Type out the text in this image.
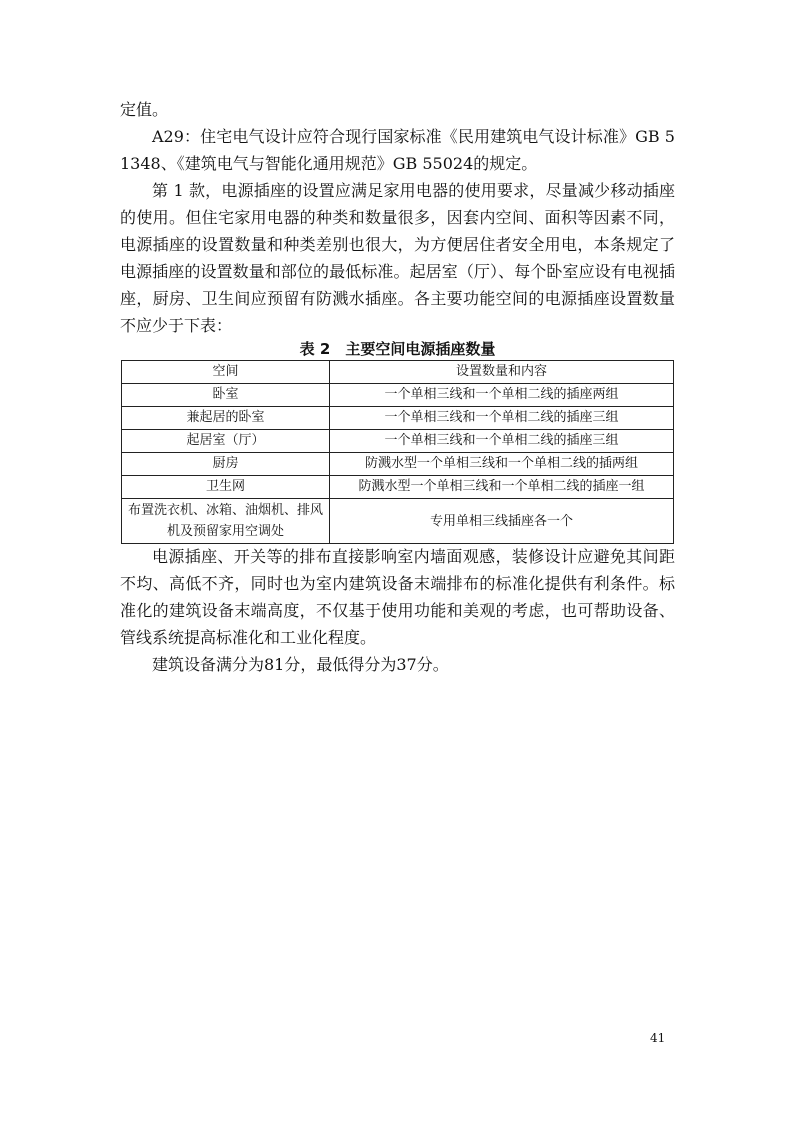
定值。

A29：住宅电气设计应符合现行国家标准《民用建筑电气设计标准》GB 51348、《建筑电气与智能化通用规范》GB 55024的规定。

第 1 款，电源插座的设置应满足家用电器的使用要求，尽量减少移动插座的使用。但住宅家用电器的种类和数量很多，因套内空间、面积等因素不同，电源插座的设置数量和种类差别也很大，为方便居住者安全用电，本条规定了电源插座的设置数量和部位的最低标准。起居室（厅）、每个卧室应设有电视插座，厨房、卫生间应预留有防溅水插座。各主要功能空间的电源插座设置数量不应少于下表：

表 2　主要空间电源插座数量
空间	设置数量和内容
卧室	一个单相三线和一个单相二线的插座两组
兼起居的卧室	一个单相三线和一个单相二线的插座三组
起居室（厅）	一个单相三线和一个单相二线的插座三组
厨房	防溅水型一个单相三线和一个单相二线的插两组
卫生网	防溅水型一个单相三线和一个单相二线的插座一组
布置洗衣机、冰箱、油烟机、排风机及预留家用空调处	专用单相三线插座各一个

电源插座、开关等的排布直接影响室内墙面观感，装修设计应避免其间距不均、高低不齐，同时也为室内建筑设备末端排布的标准化提供有利条件。标准化的建筑设备末端高度，不仅基于使用功能和美观的考虑，也可帮助设备、管线系统提高标准化和工业化程度。

建筑设备满分为81分，最低得分为37分。

41
